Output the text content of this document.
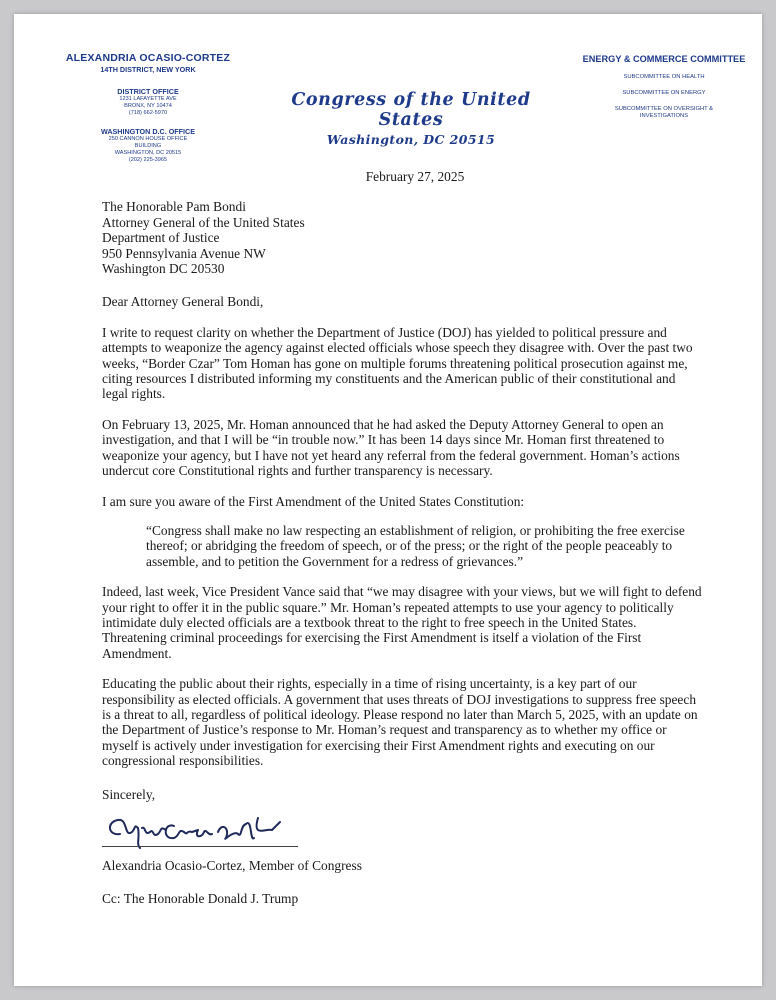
ALEXANDRIA OCASIO-CORTEZ
14TH DISTRICT, NEW YORK
DISTRICT OFFICE
1231 LAFAYETTE AVE
BRONX, NY 10474
(718) 662-5970
WASHINGTON D.C. OFFICE
250 CANNON HOUSE OFFICE
BUILDING
WASHINGTON, DC 20515
(202) 225-3965
Congress of the United States
Washington, DC 20515
ENERGY & COMMERCE COMMITTEE
SUBCOMMITTEE ON HEALTH
SUBCOMMITTEE ON ENERGY
SUBCOMMITTEE ON OVERSIGHT &
INVESTIGATIONS
February 27, 2025
The Honorable Pam Bondi
Attorney General of the United States
Department of Justice
950 Pennsylvania Avenue NW
Washington DC 20530
Dear Attorney General Bondi,

I write to request clarity on whether the Department of Justice (DOJ) has yielded to political pressure and attempts to weaponize the agency against elected officials whose speech they disagree with. Over the past two weeks, “Border Czar” Tom Homan has gone on multiple forums threatening political prosecution against me, citing resources I distributed informing my constituents and the American public of their constitutional and legal rights.

On February 13, 2025, Mr. Homan announced that he had asked the Deputy Attorney General to open an investigation, and that I will be “in trouble now.” It has been 14 days since Mr. Homan first threatened to weaponize your agency, but I have not yet heard any referral from the federal government. Homan’s actions undercut core Constitutional rights and further transparency is necessary.

I am sure you aware of the First Amendment of the United States Constitution:

“Congress shall make no law respecting an establishment of religion, or prohibiting the free exercise thereof; or abridging the freedom of speech, or of the press; or the right of the people peaceably to assemble, and to petition the Government for a redress of grievances.”

Indeed, last week, Vice President Vance said that “we may disagree with your views, but we will fight to defend your right to offer it in the public square.” Mr. Homan’s repeated attempts to use your agency to politically intimidate duly elected officials are a textbook threat to the right to free speech in the United States. Threatening criminal proceedings for exercising the First Amendment is itself a violation of the First Amendment.

Educating the public about their rights, especially in a time of rising uncertainty, is a key part of our responsibility as elected officials. A government that uses threats of DOJ investigations to suppress free speech is a threat to all, regardless of political ideology. Please respond no later than March 5, 2025, with an update on the Department of Justice’s response to Mr. Homan’s request and transparency as to whether my office or myself is actively under investigation for exercising their First Amendment rights and executing on our congressional responsibilities.

Sincerely,
Alexandria Ocasio-Cortez, Member of Congress
Cc: The Honorable Donald J. Trump
